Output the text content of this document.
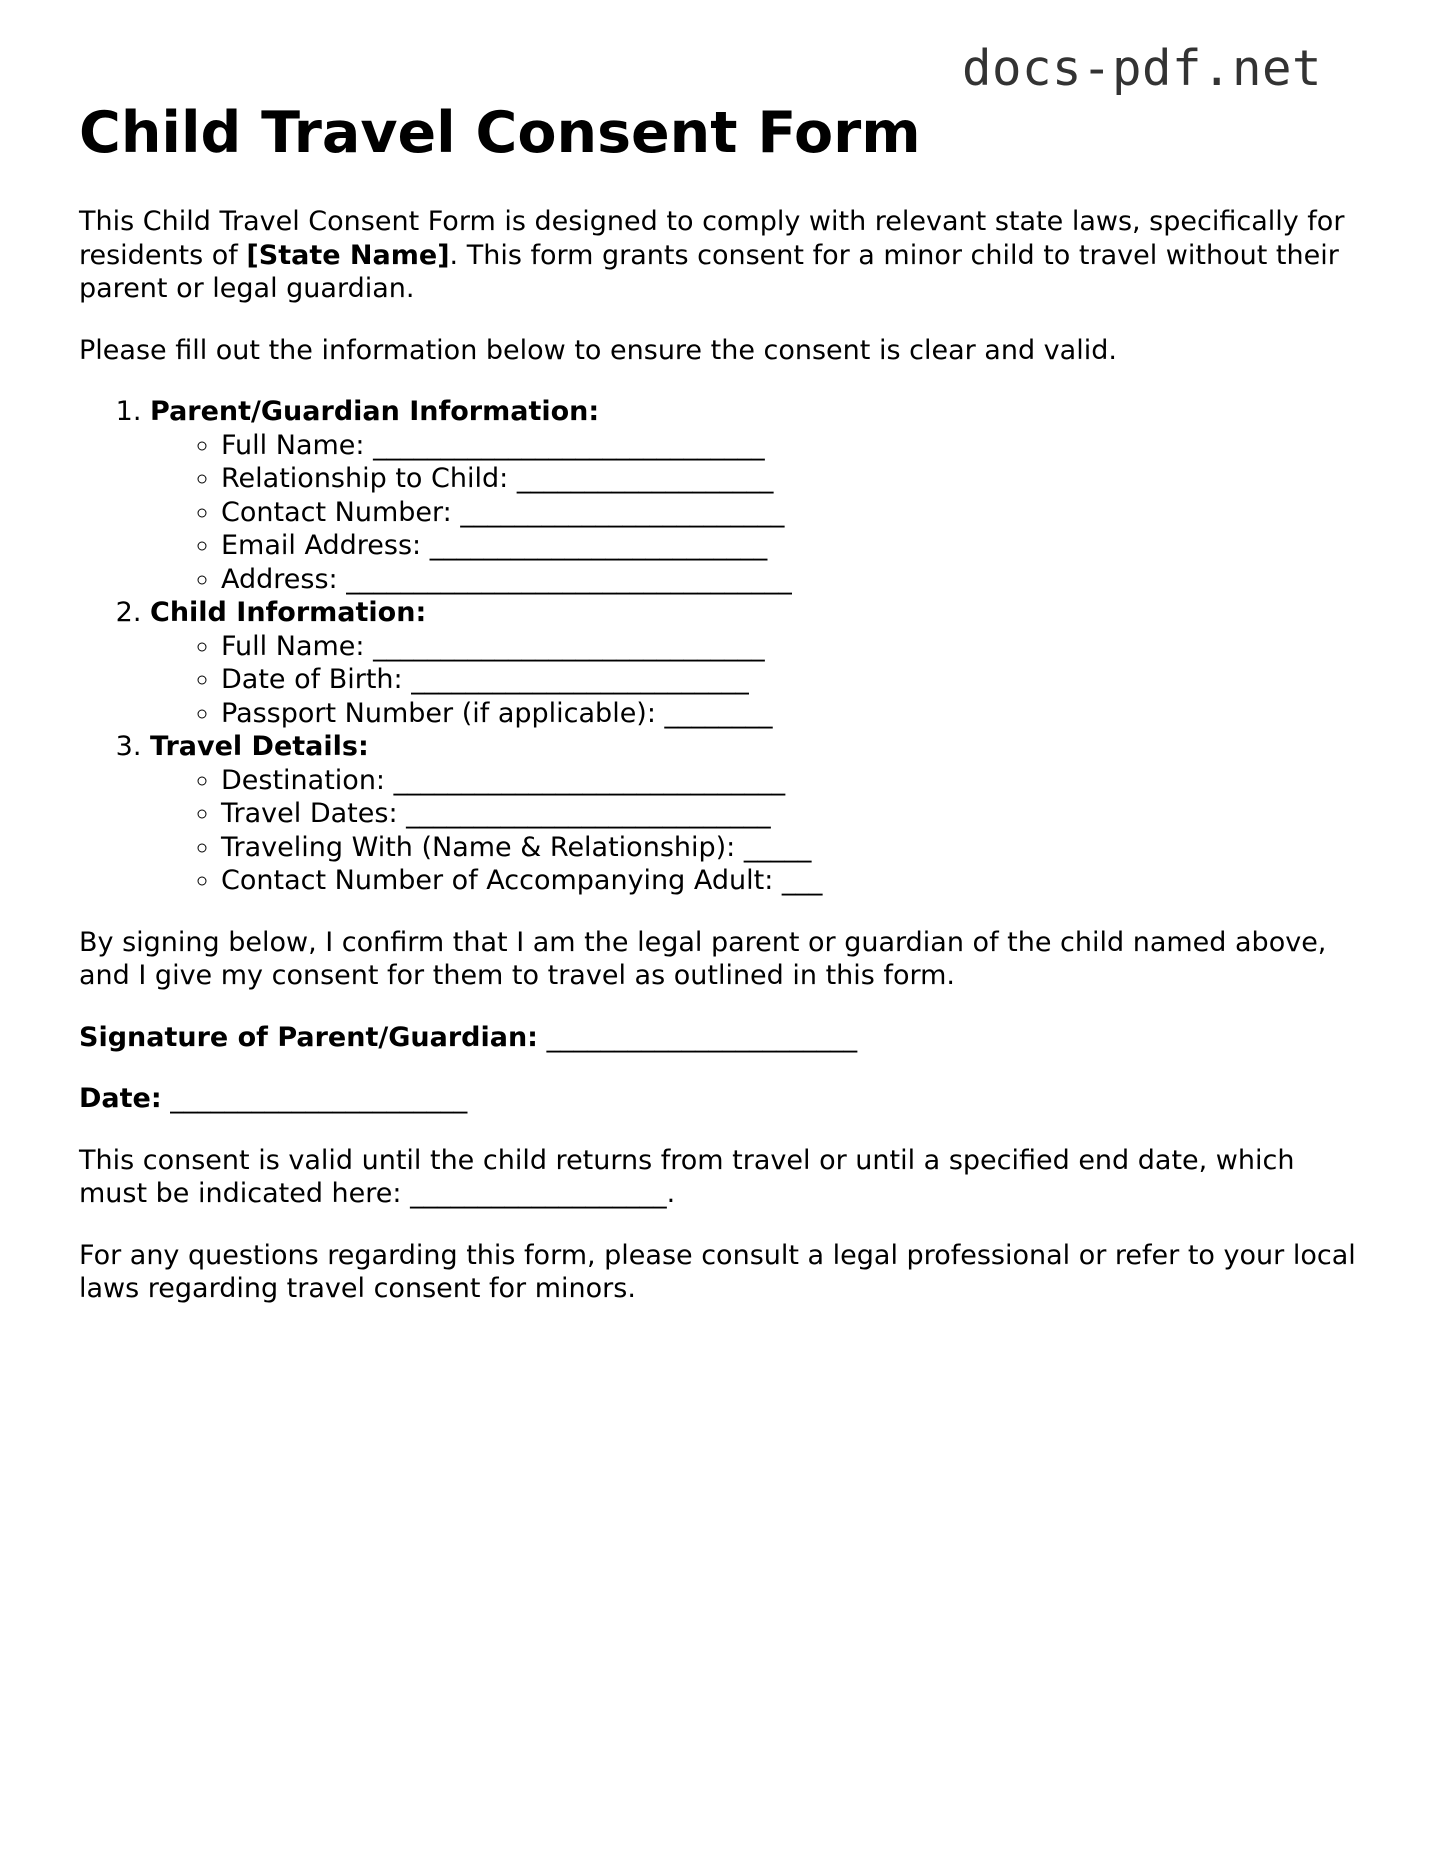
docs-pdf.net
Child Travel Consent Form

This Child Travel Consent Form is designed to comply with relevant state laws, specifically for residents of [State Name]. This form grants consent for a minor child to travel without their parent or legal guardian.

Please fill out the information below to ensure the consent is clear and valid.

1. Parent/Guardian Information:
◦ Full Name: _____________________________
◦ Relationship to Child: ___________________
◦ Contact Number: ________________________
◦ Email Address: _________________________
◦ Address: _________________________________
2. Child Information:
◦ Full Name: _____________________________
◦ Date of Birth: _________________________
◦ Passport Number (if applicable): ________
3. Travel Details:
◦ Destination: _____________________________
◦ Travel Dates: ___________________________
◦ Traveling With (Name & Relationship): _____
◦ Contact Number of Accompanying Adult: ___

By signing below, I confirm that I am the legal parent or guardian of the child named above, and I give my consent for them to travel as outlined in this form.

Signature of Parent/Guardian: _______________________

Date: ______________________

This consent is valid until the child returns from travel or until a specified end date, which must be indicated here: ___________________.

For any questions regarding this form, please consult a legal professional or refer to your local laws regarding travel consent for minors.
